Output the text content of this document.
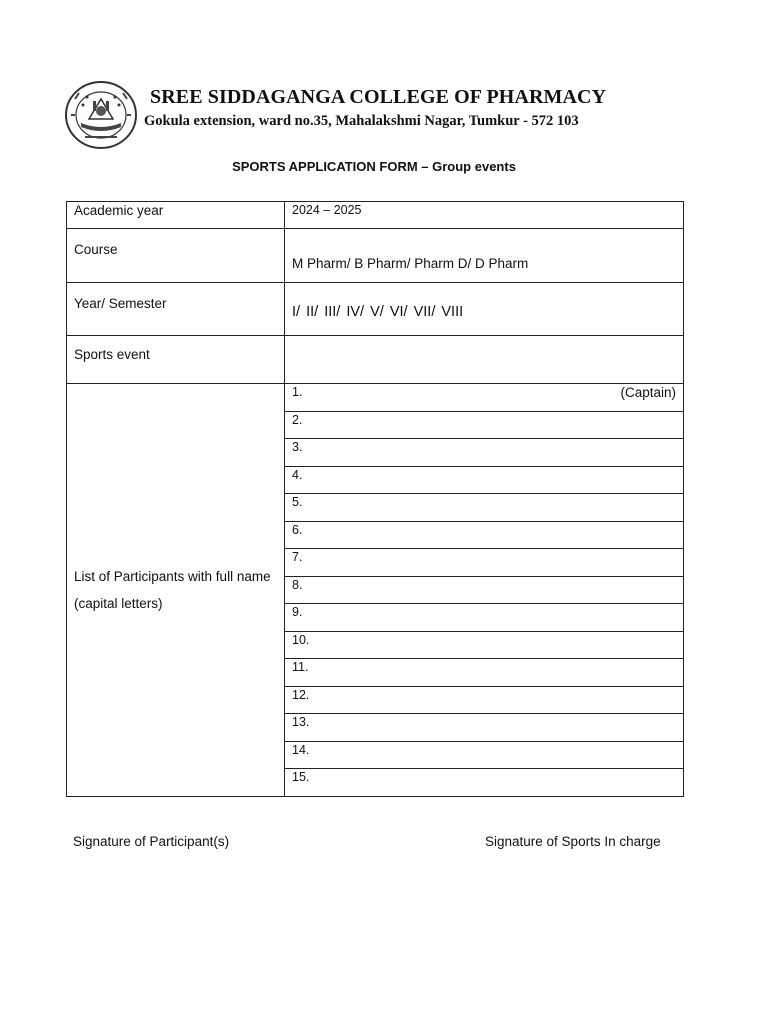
SREE SIDDAGANGA COLLEGE OF PHARMACY
Gokula extension, ward no.35, Mahalakshmi Nagar, Tumkur - 572 103
SPORTS APPLICATION FORM – Group events
Academic year	2024 – 2025
Course	M Pharm/ B Pharm/ Pharm D/ D Pharm
Year/ Semester	I/ II/ III/ IV/ V/ VI/ VII/ VIII
Sports event	
List of Participants with full name (capital letters)	1. (Captain)

	2.
	3.
	4.
	5.
	6.
	7.
	8.
	9.
	10.
	11.
	12.
	13.
	14.
	15.
Signature of Participant(s)	Signature of Sports In charge
